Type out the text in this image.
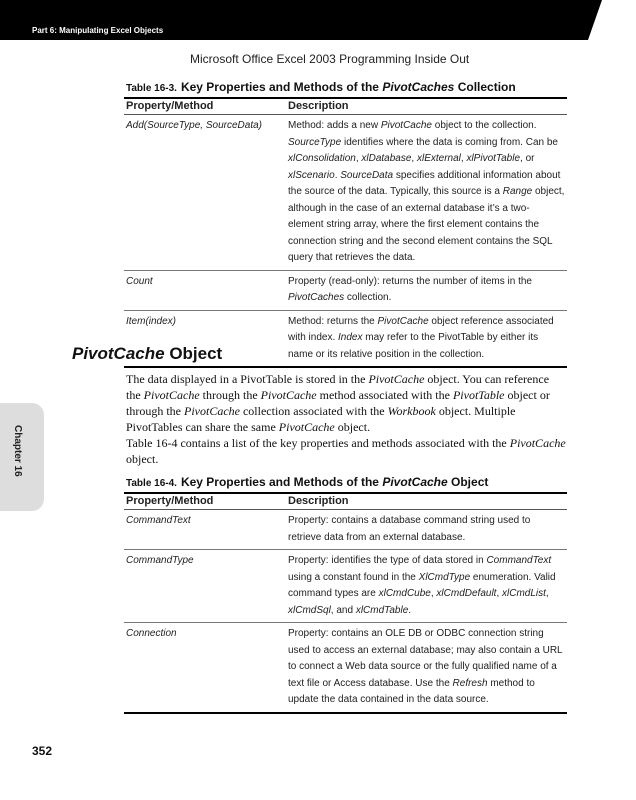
Part 6: Manipulating Excel Objects
Microsoft Office Excel 2003 Programming Inside Out
Table 16-3. Key Properties and Methods of the PivotCaches Collection
Property/Method	Description
Add(SourceType, SourceData)	Method: adds a new PivotCache object to the collection. SourceType identifies where the data is coming from. Can be xlConsolidation, xlDatabase, xlExternal, xlPivotTable, or xlScenario. SourceData specifies additional information about the source of the data. Typically, this source is a Range object, although in the case of an external database it’s a two-element string array, where the first element contains the connection string and the second element contains the SQL query that retrieves the data.
Count	Property (read-only): returns the number of items in the PivotCaches collection.
Item(index)	Method: returns the PivotCache object reference associated with index. Index may refer to the PivotTable by either its name or its relative position in the collection.
PivotCache Object

The data displayed in a PivotTable is stored in the PivotCache object. You can reference the PivotCache through the PivotCache method associated with the PivotTable object or through the PivotCache collection associated with the Workbook object. Multiple PivotTables can share the same PivotCache object.

Table 16-4 contains a list of the key properties and methods associated with the PivotCache object.

Table 16-4. Key Properties and Methods of the PivotCache Object
Property/Method	Description
CommandText	Property: contains a database command string used to retrieve data from an external database.
CommandType	Property: identifies the type of data stored in CommandText using a constant found in the XlCmdType enumeration. Valid command types are xlCmdCube, xlCmdDefault, xlCmdList, xlCmdSql, and xlCmdTable.
Connection	Property: contains an OLE DB or ODBC connection string used to access an external database; may also contain a URL to connect a Web data source or the fully qualified name of a text file or Access database. Use the Refresh method to update the data contained in the data source.
Chapter 16
352
